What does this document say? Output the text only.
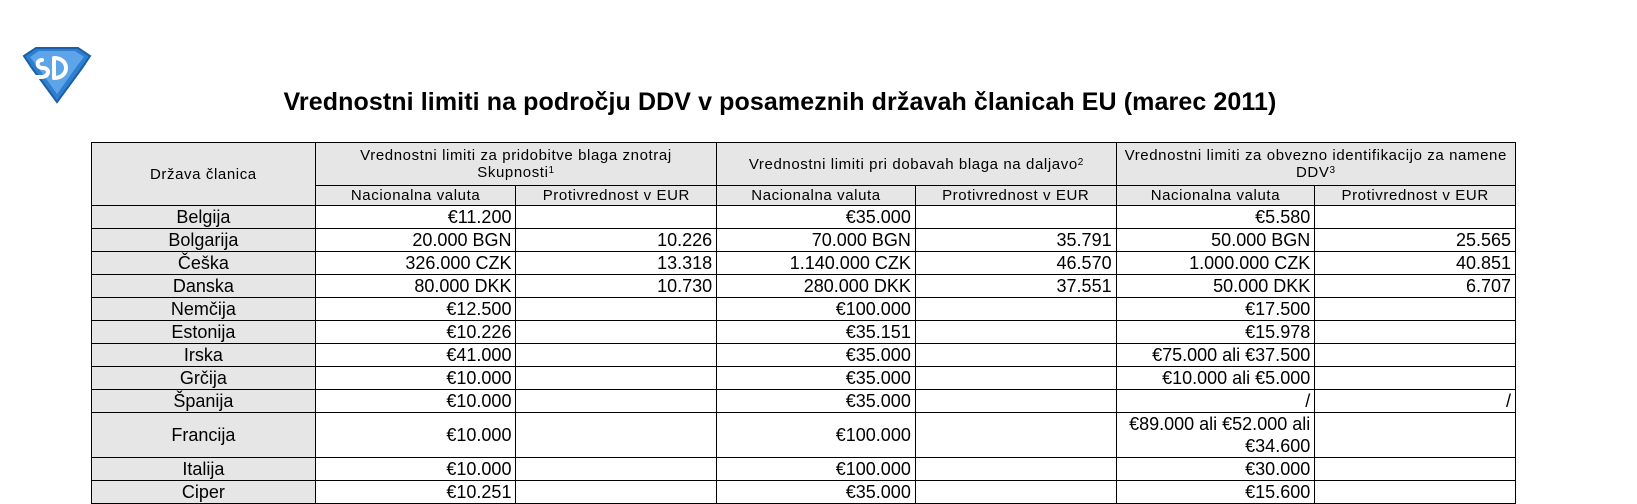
Vrednostni limiti na področju DDV v posameznih državah članicah EU (marec 2011)
Država članica	Vrednostni limiti za pridobitve blaga znotraj Skupnosti$^1$		Vrednostni limiti pri dobavah blaga na daljavo$^2$		Vrednostni limiti za obvezno identifikacijo za namene DDV$^3$
	Nacionalna valuta	Protivrednost v EUR	Nacionalna valuta	Protivrednost v EUR	Nacionalna valuta	Protivrednost v EUR
Belgija	€11.200		€35.000		€5.580	
Bolgarija	20.000 BGN	10.226	70.000 BGN	35.791	50.000 BGN	25.565
Češka	326.000 CZK	13.318	1.140.000 CZK	46.570	1.000.000 CZK	40.851
Danska	80.000 DKK	10.730	280.000 DKK	37.551	50.000 DKK	6.707
Nemčija	€12.500		€100.000		€17.500	
Estonija	€10.226		€35.151		€15.978	
Irska	€41.000		€35.000		€75.000 ali €37.500	
Grčija	€10.000		€35.000		€10.000 ali €5.000	
Španija	€10.000		€35.000		/	/
Francija	€10.000		€100.000		€89.000 ali €52.000 ali €34.600	

Italija	€10.000		€100.000		€30.000	
Ciper	€10.251		€35.000		€15.600	
